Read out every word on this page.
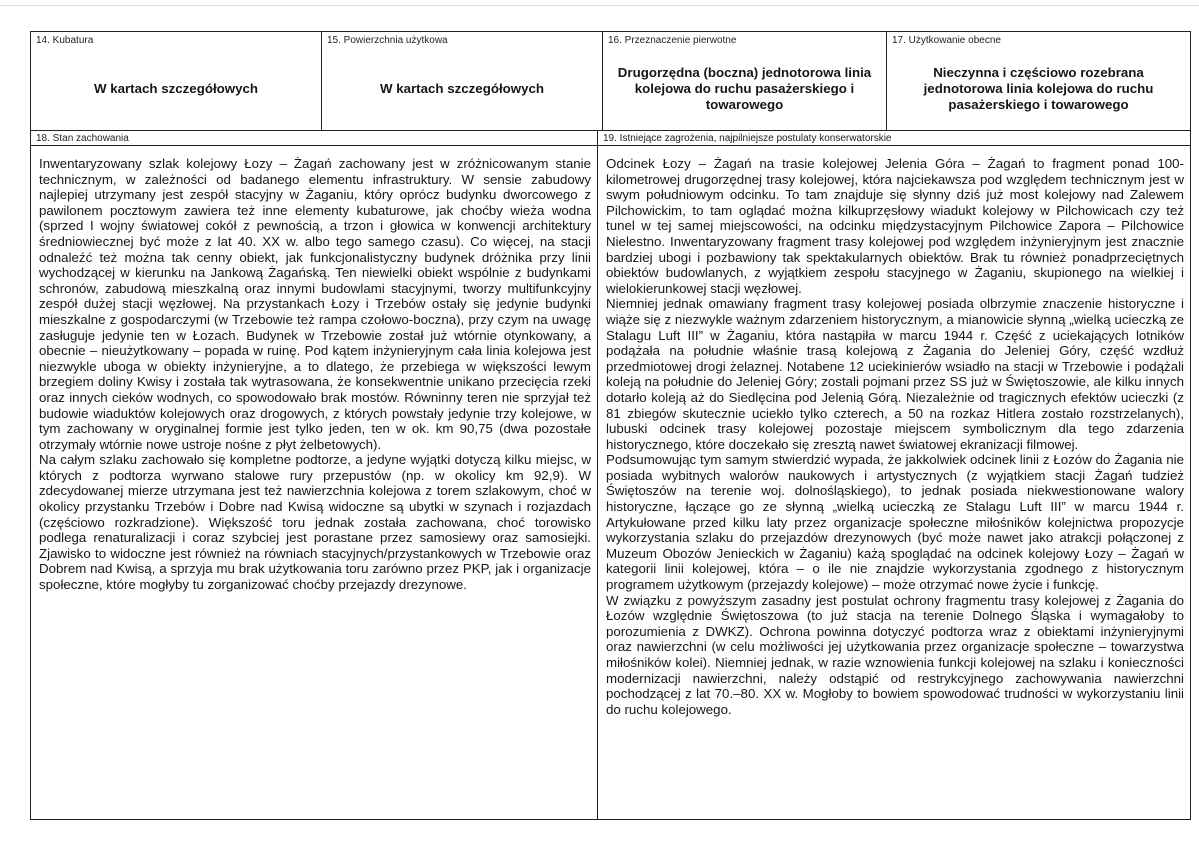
14. Kubatura
W kartach szczegółowych
15. Powierzchnia użytkowa
W kartach szczegółowych
16. Przeznaczenie pierwotne
Drugorzędna (boczna) jednotorowa linia kolejowa do ruchu pasażerskiego i towarowego
17. Użytkowanie obecne
Nieczynna i częściowo rozebrana jednotorowa linia kolejowa do ruchu pasażerskiego i towarowego
18. Stan zachowania

Inwentaryzowany szlak kolejowy Łozy – Żagań zachowany jest w zróżnicowanym stanie technicznym, w zależności od badanego elementu infrastruktury. W sensie zabudowy najlepiej utrzymany jest zespół stacyjny w Żaganiu, który oprócz budynku dworcowego z pawilonem pocztowym zawiera też inne elementy kubaturowe, jak choćby wieża wodna (sprzed I wojny światowej cokół z pewnością, a trzon i głowica w konwencji architektury średniowiecznej być może z lat 40. XX w. albo tego samego czasu). Co więcej, na stacji odnaleźć też można tak cenny obiekt, jak funkcjonalistyczny budynek dróżnika przy linii wychodzącej w kierunku na Jankową Żagańską. Ten niewielki obiekt wspólnie z budynkami schronów, zabudową mieszkalną oraz innymi budowlami stacyjnymi, tworzy multifunkcyjny zespół dużej stacji węzłowej. Na przystankach Łozy i Trzebów ostały się jedynie budynki mieszkalne z gospodarczymi (w Trzebowie też rampa czołowo-boczna), przy czym na uwagę zasługuje jedynie ten w Łozach. Budynek w Trzebowie został już wtórnie otynkowany, a obecnie – nieużytkowany – popada w ruinę. Pod kątem inżynieryjnym cała linia kolejowa jest niezwykle uboga w obiekty inżynieryjne, a to dlatego, że przebiega w większości lewym brzegiem doliny Kwisy i została tak wytrasowana, że konsekwentnie unikano przecięcia rzeki oraz innych cieków wodnych, co spowodowało brak mostów. Równinny teren nie sprzyjał też budowie wiaduktów kolejowych oraz drogowych, z których powstały jedynie trzy kolejowe, w tym zachowany w oryginalnej formie jest tylko jeden, ten w ok. km 90,75 (dwa pozostałe otrzymały wtórnie nowe ustroje nośne z płyt żelbetowych).

Na całym szlaku zachowało się kompletne podtorze, a jedyne wyjątki dotyczą kilku miejsc, w których z podtorza wyrwano stalowe rury przepustów (np. w okolicy km 92,9). W zdecydowanej mierze utrzymana jest też nawierzchnia kolejowa z torem szlakowym, choć w okolicy przystanku Trzebów i Dobre nad Kwisą widoczne są ubytki w szynach i rozjazdach (częściowo rozkradzione). Większość toru jednak została zachowana, choć torowisko podlega renaturalizacji i coraz szybciej jest porastane przez samosiewy oraz samosiejki. Zjawisko to widoczne jest również na równiach stacyjnych/przystankowych w Trzebowie oraz Dobrem nad Kwisą, a sprzyja mu brak użytkowania toru zarówno przez PKP, jak i organizacje społeczne, które mogłyby tu zorganizować choćby przejazdy drezynowe.

19. Istniejące zagrożenia, najpilniejsze postulaty konserwatorskie

Odcinek Łozy – Żagań na trasie kolejowej Jelenia Góra – Żagań to fragment ponad 100-kilometrowej drugorzędnej trasy kolejowej, która najciekawsza pod względem technicznym jest w swym południowym odcinku. To tam znajduje się słynny dziś już most kolejowy nad Zalewem Pilchowickim, to tam oglądać można kilkuprzęsłowy wiadukt kolejowy w Pilchowicach czy też tunel w tej samej miejscowości, na odcinku międzystacyjnym Pilchowice Zapora – Pilchowice Nielestno. Inwentaryzowany fragment trasy kolejowej pod względem inżynieryjnym jest znacznie bardziej ubogi i pozbawiony tak spektakularnych obiektów. Brak tu również ponadprzeciętnych obiektów budowlanych, z wyjątkiem zespołu stacyjnego w Żaganiu, skupionego na wielkiej i wielokierunkowej stacji węzłowej.

Niemniej jednak omawiany fragment trasy kolejowej posiada olbrzymie znaczenie historyczne i wiąże się z niezwykle ważnym zdarzeniem historycznym, a mianowicie słynną „wielką ucieczką ze Stalagu Luft III” w Żaganiu, która nastąpiła w marcu 1944 r. Część z uciekających lotników podążała na południe właśnie trasą kolejową z Żagania do Jeleniej Góry, część wzdłuż przedmiotowej drogi żelaznej. Notabene 12 uciekinierów wsiadło na stacji w Trzebowie i podążali koleją na południe do Jeleniej Góry; zostali pojmani przez SS już w Świętoszowie, ale kilku innych dotarło koleją aż do Siedlęcina pod Jelenią Górą. Niezależnie od tragicznych efektów ucieczki (z 81 zbiegów skutecznie uciekło tylko czterech, a 50 na rozkaz Hitlera zostało rozstrzelanych), lubuski odcinek trasy kolejowej pozostaje miejscem symbolicznym dla tego zdarzenia historycznego, które doczekało się zresztą nawet światowej ekranizacji filmowej.

Podsumowując tym samym stwierdzić wypada, że jakkolwiek odcinek linii z Łozów do Żagania nie posiada wybitnych walorów naukowych i artystycznych (z wyjątkiem stacji Żagań tudzież Świętoszów na terenie woj. dolnośląskiego), to jednak posiada niekwestionowane walory historyczne, łączące go ze słynną „wielką ucieczką ze Stalagu Luft III” w marcu 1944 r. Artykułowane przed kilku laty przez organizacje społeczne miłośników kolejnictwa propozycje wykorzystania szlaku do przejazdów drezynowych (być może nawet jako atrakcji połączonej z Muzeum Obozów Jenieckich w Żaganiu) każą spoglądać na odcinek kolejowy Łozy – Żagań w kategorii linii kolejowej, która – o ile nie znajdzie wykorzystania zgodnego z historycznym programem użytkowym (przejazdy kolejowe) – może otrzymać nowe życie i funkcję.

W związku z powyższym zasadny jest postulat ochrony fragmentu trasy kolejowej z Żagania do Łozów względnie Świętoszowa (to już stacja na terenie Dolnego Śląska i wymagałoby to porozumienia z DWKZ). Ochrona powinna dotyczyć podtorza wraz z obiektami inżynieryjnymi oraz nawierzchni (w celu możliwości jej użytkowania przez organizacje społeczne – towarzystwa miłośników kolei). Niemniej jednak, w razie wznowienia funkcji kolejowej na szlaku i konieczności modernizacji nawierzchni, należy odstąpić od restrykcyjnego zachowywania nawierzchni pochodzącej z lat 70.–80. XX w. Mogłoby to bowiem spowodować trudności w wykorzystaniu linii do ruchu kolejowego.
